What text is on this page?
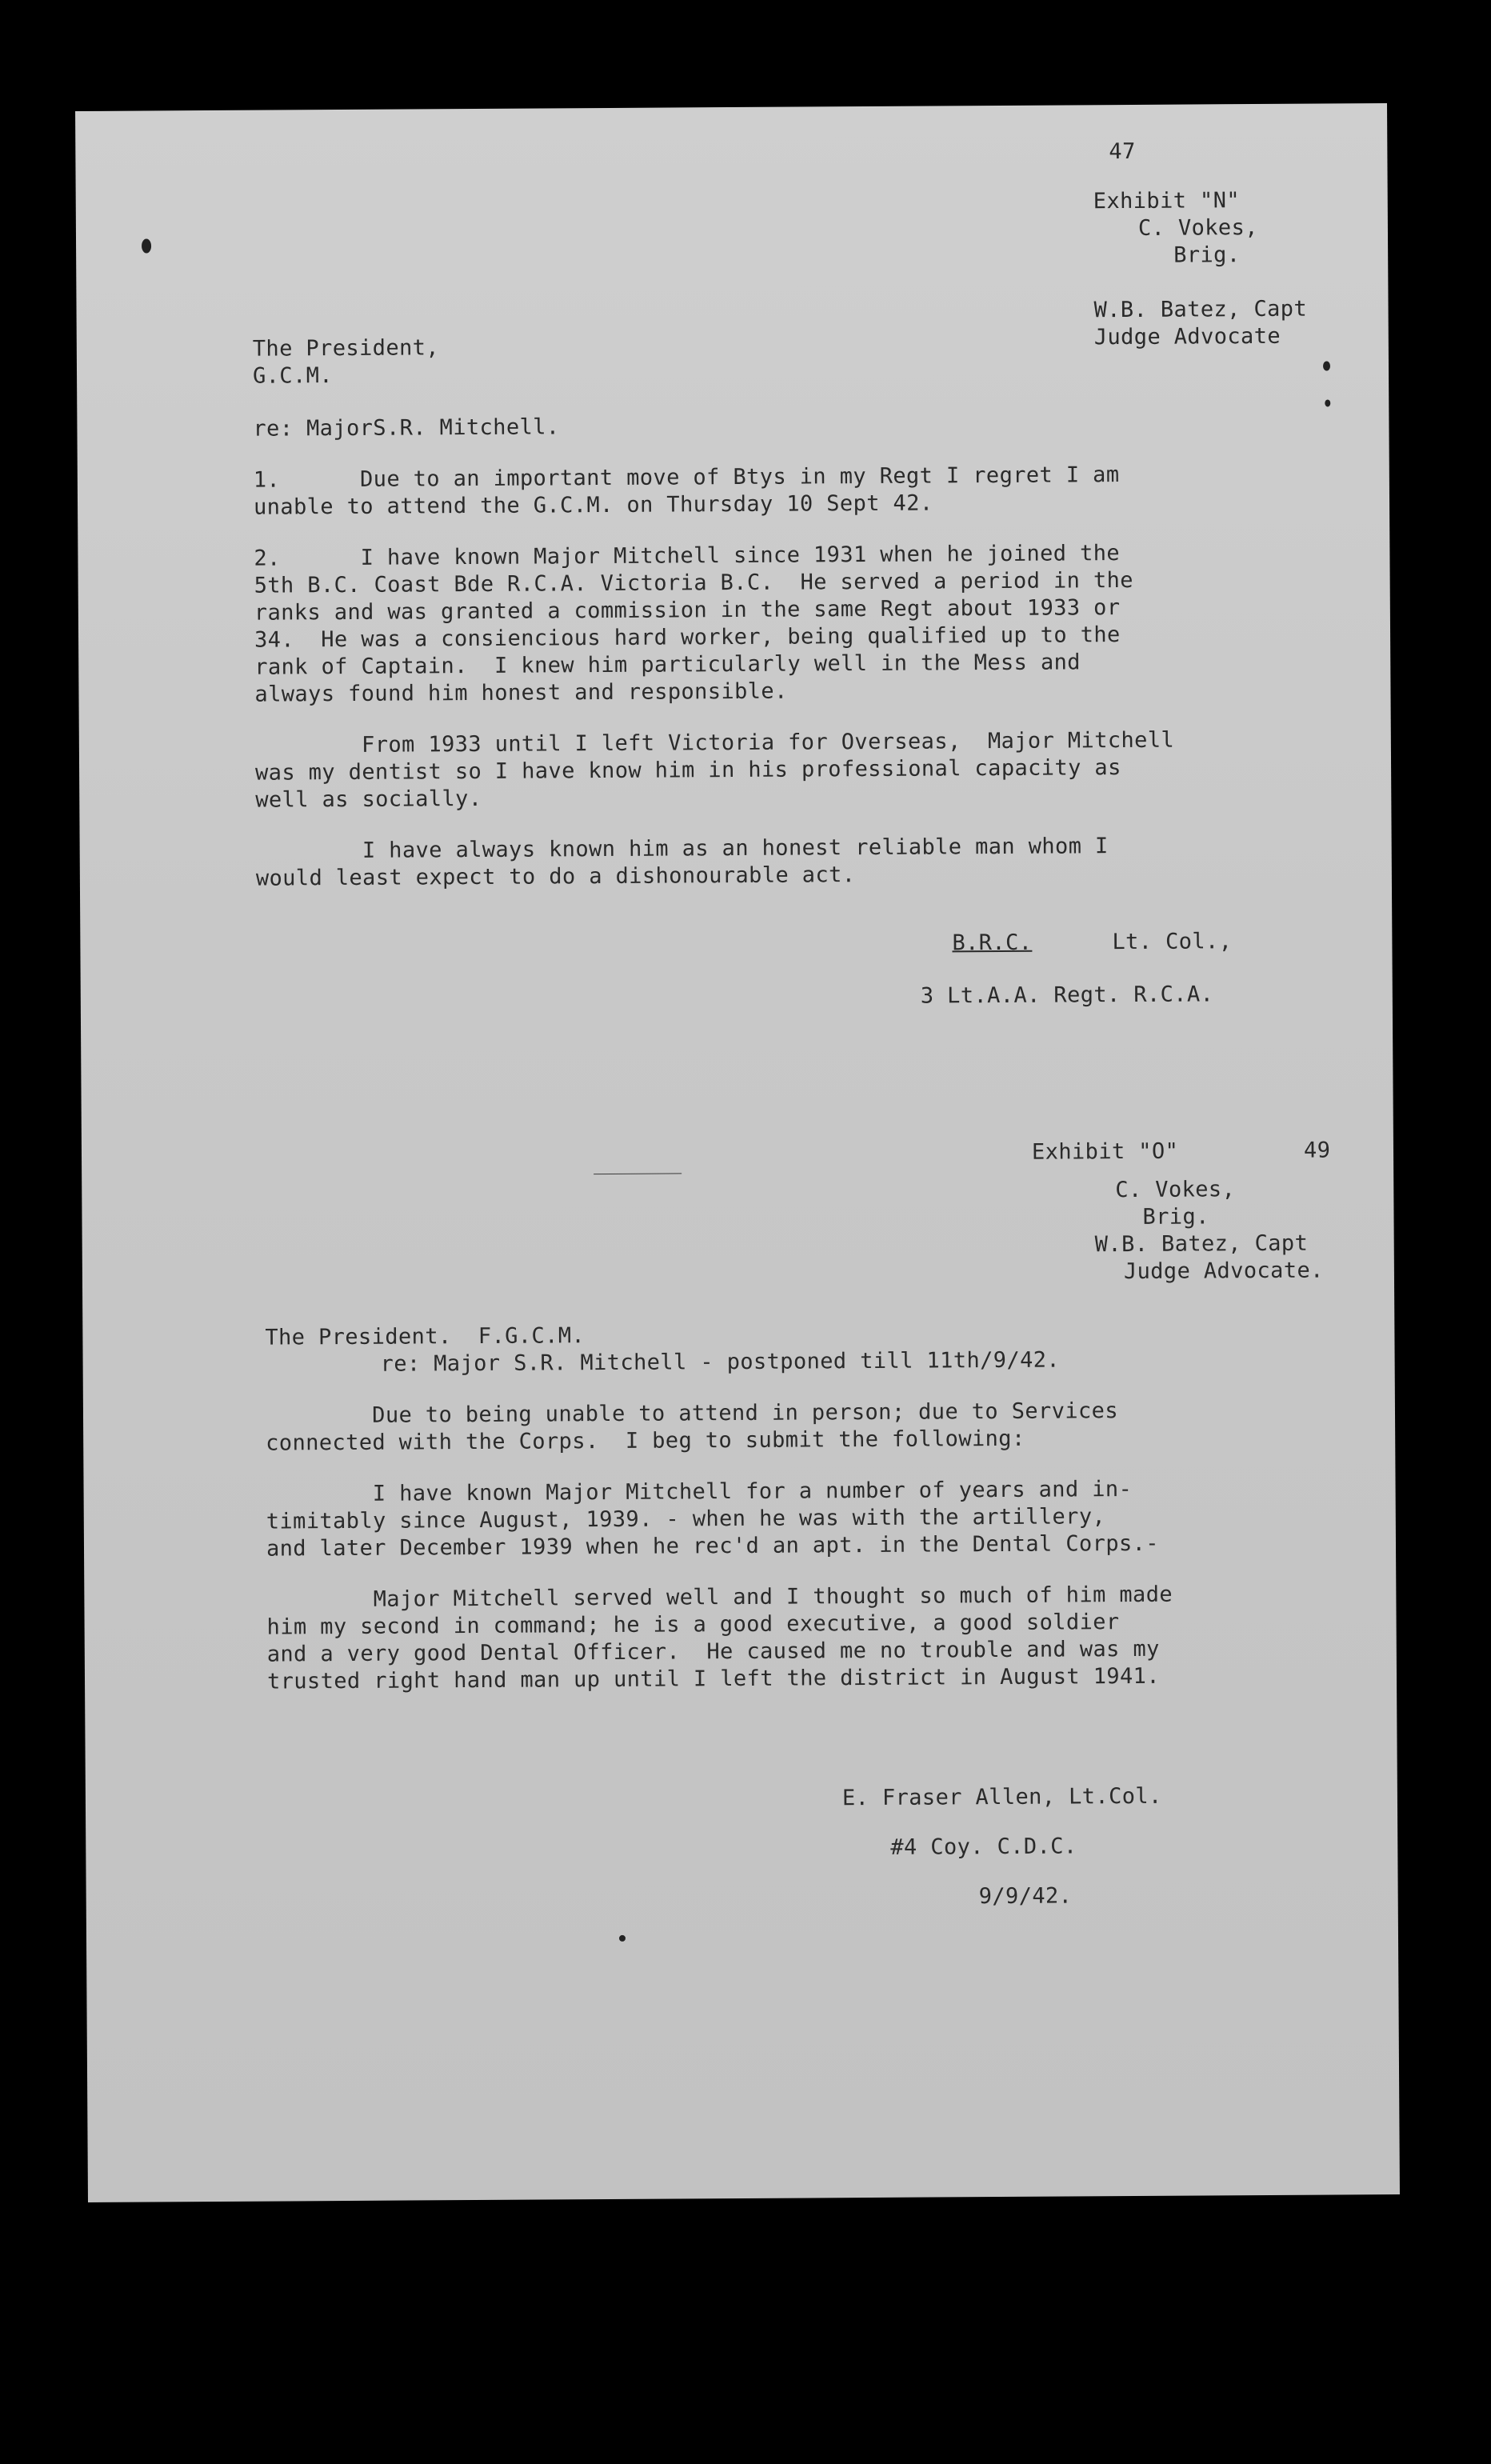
47
Exhibit "N"
C. Vokes,
Brig.
W.B. Batez, Capt
Judge Advocate
The President,
G.C.M.
re: MajorS.R. Mitchell.
1.      Due to an important move of Btys in my Regt I regret I am
unable to attend the G.C.M. on Thursday 10 Sept 42.
2.      I have known Major Mitchell since 1931 when he joined the
5th B.C. Coast Bde R.C.A. Victoria B.C.  He served a period in the
ranks and was granted a commission in the same Regt about 1933 or
34.  He was a consiencious hard worker, being qualified up to the
rank of Captain.  I knew him particularly well in the Mess and
always found him honest and responsible.
From 1933 until I left Victoria for Overseas,  Major Mitchell
was my dentist so I have know him in his professional capacity as
well as socially.
I have always known him as an honest reliable man whom I
would least expect to do a dishonourable act.
B.R.C.	Lt. Col.,
3 Lt.A.A. Regt. R.C.A.
Exhibit "O"	49
C. Vokes,
Brig.
W.B. Batez, Capt
Judge Advocate.
The President.  F.G.C.M.
re: Major S.R. Mitchell - postponed till 11th/9/42.
Due to being unable to attend in person; due to Services
connected with the Corps.  I beg to submit the following:
I have known Major Mitchell for a number of years and in-
timitably since August, 1939. - when he was with the artillery,
and later December 1939 when he rec'd an apt. in the Dental Corps.-
Major Mitchell served well and I thought so much of him made
him my second in command; he is a good executive, a good soldier
and a very good Dental Officer.  He caused me no trouble and was my
trusted right hand man up until I left the district in August 1941.
E. Fraser Allen, Lt.Col.
#4 Coy. C.D.C.
9/9/42.
